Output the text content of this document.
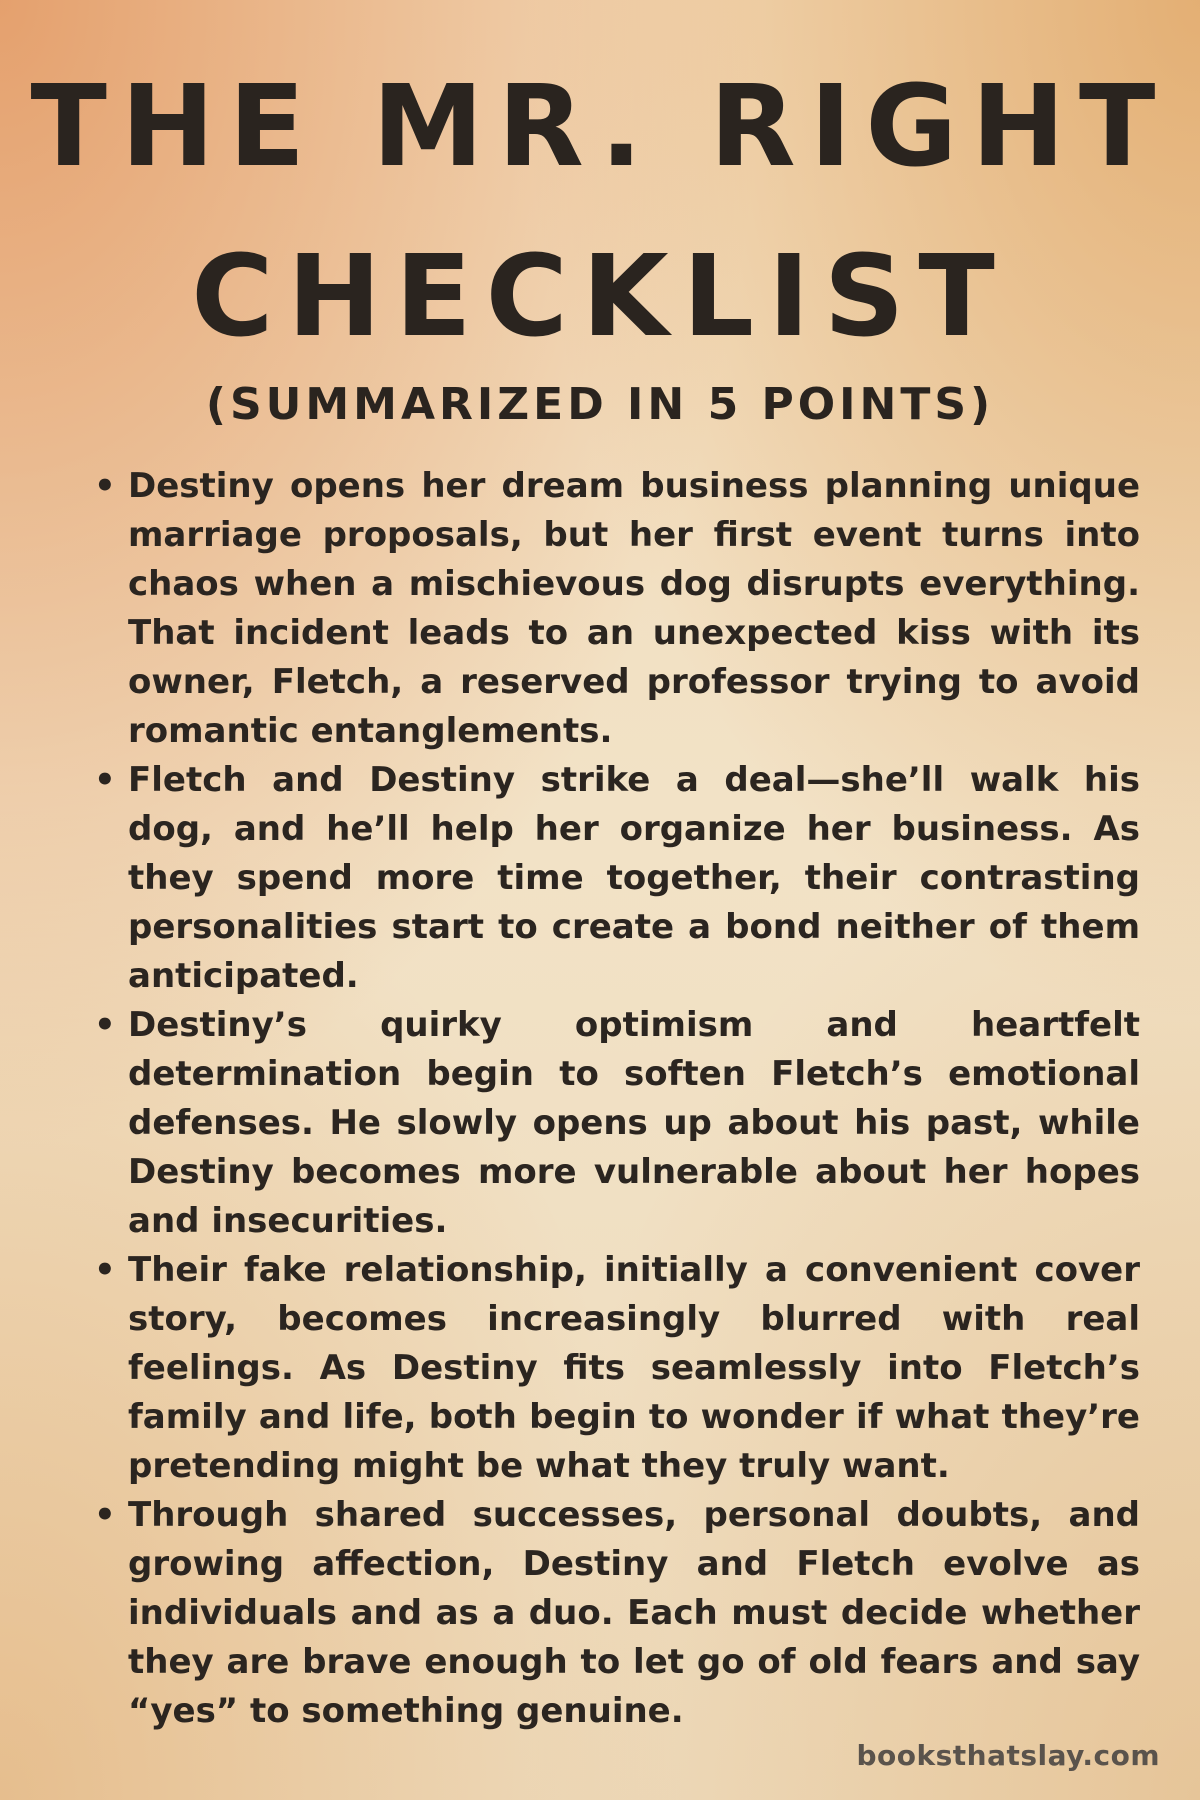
THE MR. RIGHT
CHECKLIST
(SUMMARIZED IN 5 POINTS)
• Destiny opens her dream business planning unique marriage proposals, but her first event turns into chaos when a mischievous dog disrupts everything. That incident leads to an unexpected kiss with its owner, Fletch, a reserved professor trying to avoid romantic entanglements.
• Fletch and Destiny strike a deal—she’ll walk his dog, and he’ll help her organize her business. As they spend more time together, their contrasting personalities start to create a bond neither of them anticipated.
• Destiny’s quirky optimism and heartfelt determination begin to soften Fletch’s emotional defenses. He slowly opens up about his past, while Destiny becomes more vulnerable about her hopes and insecurities.
• Their fake relationship, initially a convenient cover story, becomes increasingly blurred with real feelings. As Destiny fits seamlessly into Fletch’s family and life, both begin to wonder if what they’re pretending might be what they truly want.
• Through shared successes, personal doubts, and growing affection, Destiny and Fletch evolve as individuals and as a duo. Each must decide whether they are brave enough to let go of old fears and say “yes” to something genuine.
booksthatslay.com
